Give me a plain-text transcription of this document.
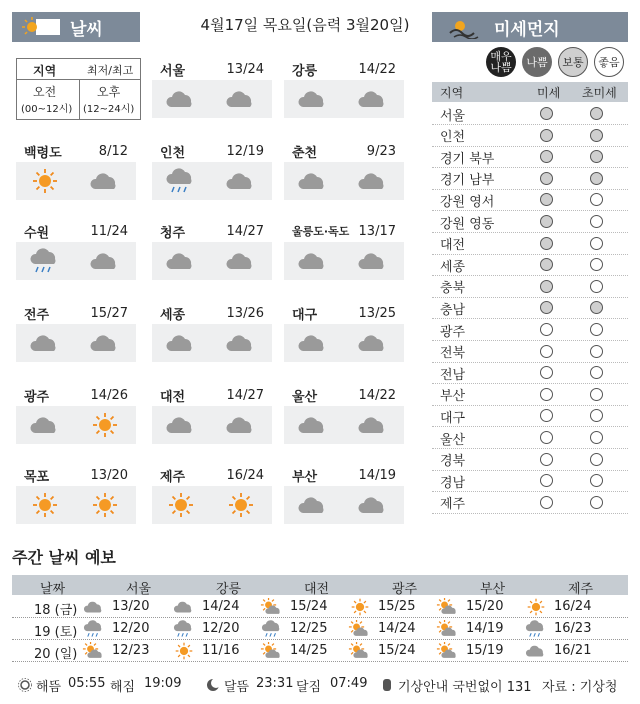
날씨	4월17일 목요일(음력 3월20일)	미세먼지
지역	최저/최고
오전
(00~12시)
오후
(12~24시)
서울	13/24 강릉	14/22
백령도	8/12 인천	12/19 춘천	9/23
수원	11/24 청주	14/27	울릉도·독도 13/17
전주	15/27 세종	13/26 대구	13/25
광주	14/26 대전	14/27 울산	14/22
목포	13/20 제주	16/24 부산	14/19
매우 나쁨	나쁨 보통 좋음
지역	미세 초미세
서울
인천
경기 북부
경기 남부
강원 영서
강원 영동
대전
세종
충북
충남
광주
전북
전남
부산
대구
울산
경북
경남
제주
주간 날씨 예보
날짜	서울	강릉	대전	광주	부산	제주
18 (금)	13/20	14/24	15/24	15/25	15/20	16/24
19 (토)	12/20	12/20	12/25	14/24	14/19	16/23
20 (일)	12/23	11/16	14/25	15/24	15/19	16/21
해뜸 05:55 해짐 19:09	달뜸 23:31 달짐 07:49 기상안내 국번없이 131 자료 : 기상청
